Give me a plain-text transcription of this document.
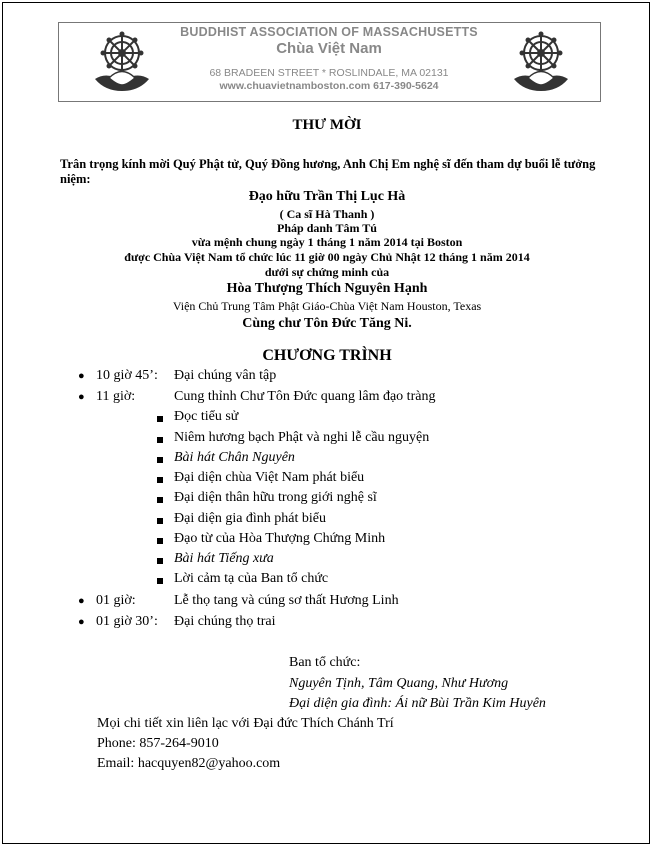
BUDDHIST ASSOCIATION OF MASSACHUSETTS
Chùa Việt Nam
68 BRADEEN STREET * ROSLINDALE, MA 02131
www.chuavietnamboston.com 617-390-5624
THƯ MỜI
Trân trọng kính mời Quý Phật tử, Quý Đồng hương, Anh Chị Em nghệ sĩ đến tham dự buổi lễ tưởng niệm:
Đạo hữu Trần Thị Lục Hà
( Ca sĩ Hà Thanh )
Pháp danh Tâm Tú
vừa mệnh chung ngày 1 tháng 1 năm 2014 tại Boston
được Chùa Việt Nam tổ chức lúc 11 giờ 00 ngày Chủ Nhật 12 tháng 1 năm 2014
dưới sự chứng minh của
Hòa Thượng Thích Nguyên Hạnh
Viện Chủ Trung Tâm Phật Giáo-Chùa Việt Nam Houston, Texas
Cùng chư Tôn Đức Tăng Ni.
CHƯƠNG TRÌNH
● 10 giờ 45’: Đại chúng vân tập
● 11 giờ:	Cung thỉnh Chư Tôn Đức quang lâm đạo tràng
Đọc tiểu sử
Niêm hương bạch Phật và nghi lễ cầu nguyện
Bài hát Chân Nguyên
Đại diện chùa Việt Nam phát biểu
Đại diện thân hữu trong giới nghệ sĩ
Đại diện gia đình phát biểu
Đạo từ của Hòa Thượng Chứng Minh
Bài hát Tiếng xưa
Lời cảm tạ của Ban tổ chức
● 01 giờ:	Lễ thọ tang và cúng sơ thất Hương Linh
● 01 giờ 30’: Đại chúng thọ trai
Ban tổ chức:
Nguyên Tịnh, Tâm Quang, Như Hương
Đại diện gia đình: Ái nữ Bùi Trần Kim Huyên
Mọi chi tiết xin liên lạc với Đại đức Thích Chánh Trí
Phone: 857-264-9010
Email: hacquyen82@yahoo.com
